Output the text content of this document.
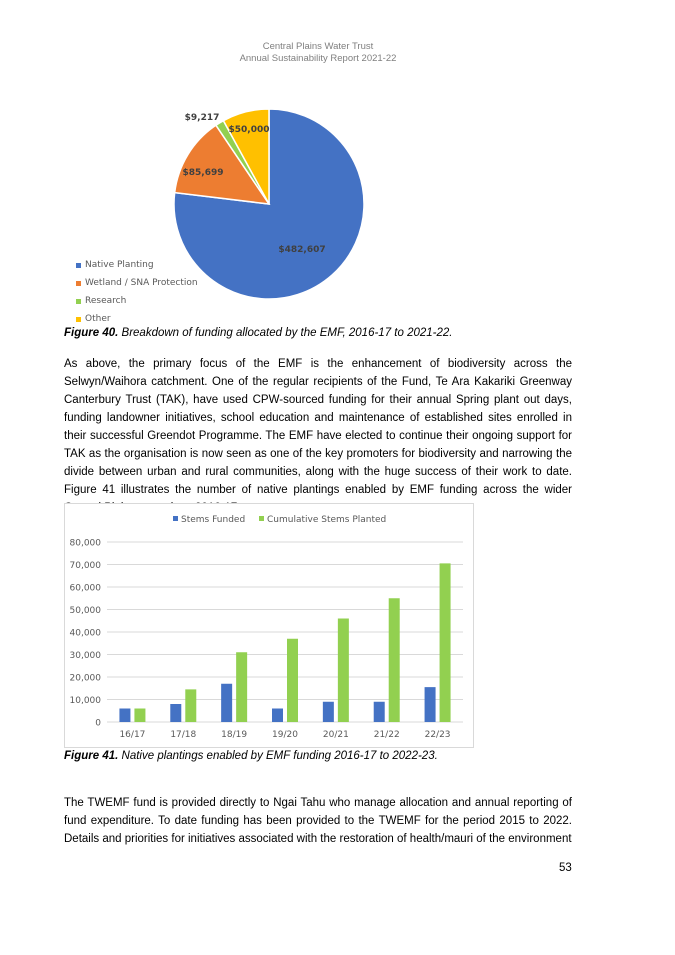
Central Plains Water Trust
Annual Sustainability Report 2021-22
$482,607
$85,699
$9,217
$50,000
Native Planting
Wetland / SNA Protection
Research
Other
Figure 40. Breakdown of funding allocated by the EMF, 2016-17 to 2021-22.
As above, the primary focus of the EMF is the enhancement of biodiversity across the Selwyn/Waihora catchment. One of the regular recipients of the Fund, Te Ara Kakariki Greenway Canterbury Trust (TAK), have used CPW-sourced funding for their annual Spring plant out days, funding landowner initiatives, school education and maintenance of established sites enrolled in their successful Greendot Programme. The EMF have elected to continue their ongoing support for TAK as the organisation is now seen as one of the key promoters for biodiversity and narrowing the divide between urban and rural communities, along with the huge success of their work to date. Figure 41 illustrates the number of native plantings enabled by EMF funding across the wider
Stems Funded Cumulative Stems Planted
0
10,000
20,000
30,000
40,000
50,000
60,000
70,000
80,000
16/17	17/18	18/19	19/20	20/21	21/22	22/23
Figure 41. Native plantings enabled by EMF funding 2016-17 to 2022-23.
The TWEMF fund is provided directly to Ngai Tahu who manage allocation and annual reporting of fund expenditure. To date funding has been provided to the TWEMF for the period 2015 to 2022. Details and priorities for initiatives associated with the restoration of health/mauri of the environment
53
